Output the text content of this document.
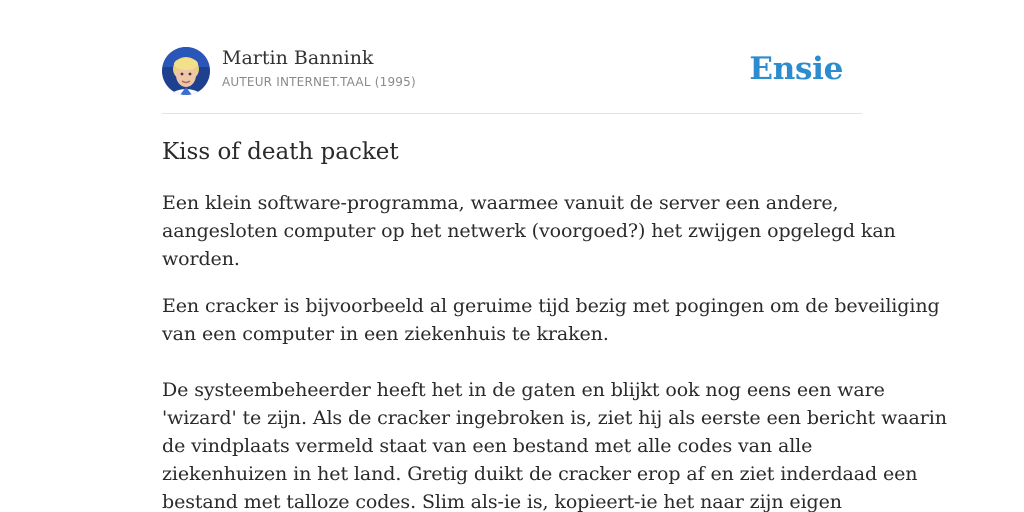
Martin Bannink
AUTEUR INTERNET.TAAL (1995)	Ensie
Kiss of death packet

Een klein software-programma, waarmee vanuit de server een andere,
aangesloten computer op het netwerk (voorgoed?) het zwijgen opgelegd kan
worden.

Een cracker is bijvoorbeeld al geruime tijd bezig met pogingen om de beveiliging
van een computer in een ziekenhuis te kraken.
De systeembeheerder heeft het in de gaten en blijkt ook nog eens een ware
'wizard' te zijn. Als de cracker ingebroken is, ziet hij als eerste een bericht waarin
de vindplaats vermeld staat van een bestand met alle codes van alle
ziekenhuizen in het land. Gretig duikt de cracker erop af en ziet inderdaad een
bestand met talloze codes. Slim als-ie is, kopieert-ie het naar zijn eigen
